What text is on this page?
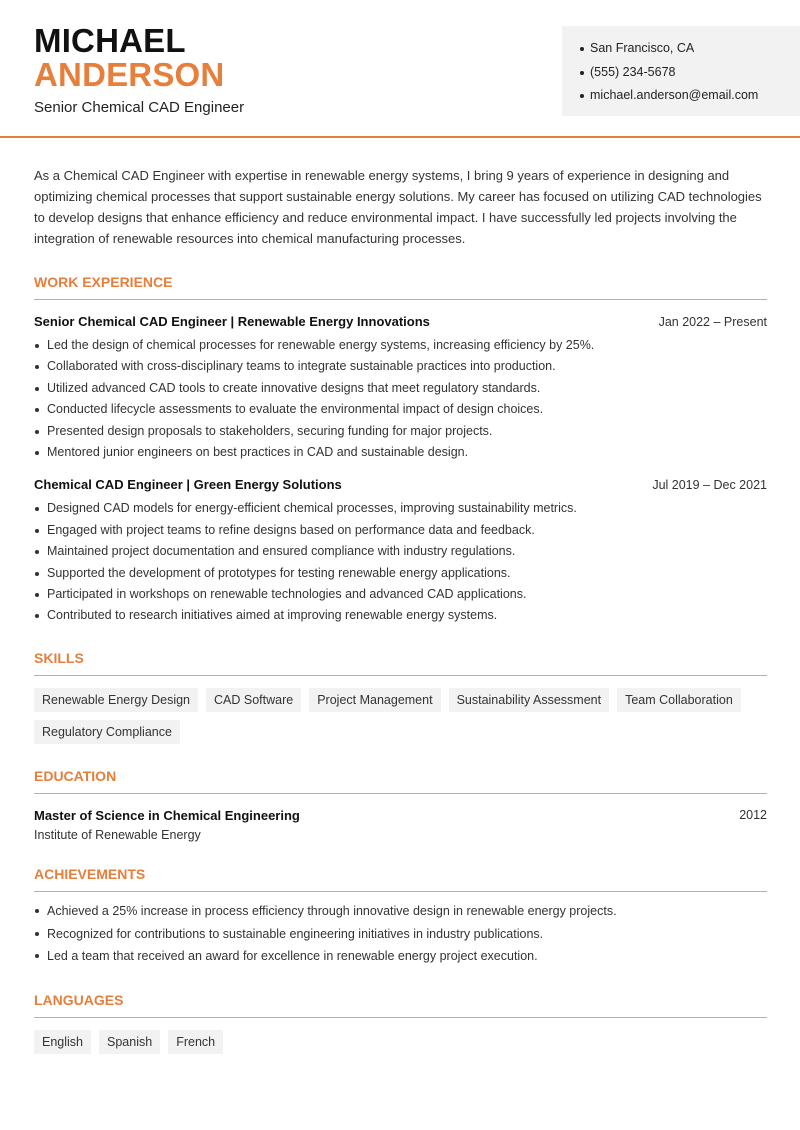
MICHAEL
ANDERSON
Senior Chemical CAD Engineer
San Francisco, CA
(555) 234-5678
michael.anderson@email.com

As a Chemical CAD Engineer with expertise in renewable energy systems, I bring 9 years of experience in designing and optimizing chemical processes that support sustainable energy solutions. My career has focused on utilizing CAD technologies to develop designs that enhance efficiency and reduce environmental impact. I have successfully led projects involving the integration of renewable resources into chemical manufacturing processes.

WORK EXPERIENCE
Senior Chemical CAD Engineer | Renewable Energy Innovations	Jan 2022 – Present
Led the design of chemical processes for renewable energy systems, increasing efficiency by 25%.
Collaborated with cross-disciplinary teams to integrate sustainable practices into production.
Utilized advanced CAD tools to create innovative designs that meet regulatory standards.
Conducted lifecycle assessments to evaluate the environmental impact of design choices.
Presented design proposals to stakeholders, securing funding for major projects.
Mentored junior engineers on best practices in CAD and sustainable design.
Chemical CAD Engineer | Green Energy Solutions	Jul 2019 – Dec 2021
Designed CAD models for energy-efficient chemical processes, improving sustainability metrics.
Engaged with project teams to refine designs based on performance data and feedback.
Maintained project documentation and ensured compliance with industry regulations.
Supported the development of prototypes for testing renewable energy applications.
Participated in workshops on renewable technologies and advanced CAD applications.
Contributed to research initiatives aimed at improving renewable energy systems.
SKILLS
Renewable Energy Design	CAD Software	Project Management	Sustainability Assessment	Team Collaboration
Regulatory Compliance
EDUCATION
Master of Science in Chemical Engineering	2012
Institute of Renewable Energy
ACHIEVEMENTS
Achieved a 25% increase in process efficiency through innovative design in renewable energy projects.
Recognized for contributions to sustainable engineering initiatives in industry publications.
Led a team that received an award for excellence in renewable energy project execution.
LANGUAGES
English	Spanish	French
